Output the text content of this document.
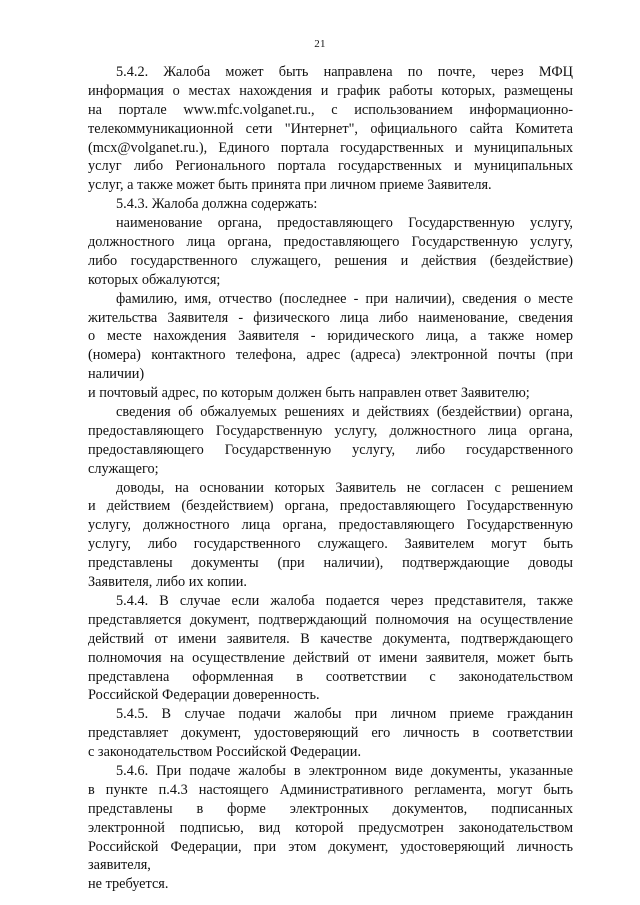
21
5.4.2. Жалоба может быть направлена по почте, через МФЦ
информация о местах нахождения и график работы которых, размещены
на портале www.mfc.volganet.ru., с использованием информационно-
телекоммуникационной сети "Интернет", официального сайта Комитета
(mcx@volganet.ru.), Единого портала государственных и муниципальных
услуг либо Регионального портала государственных и муниципальных
услуг, а также может быть принята при личном приеме Заявителя.
5.4.3. Жалоба должна содержать:
наименование органа, предоставляющего Государственную услугу,
должностного лица органа, предоставляющего Государственную услугу,
либо государственного служащего, решения и действия (бездействие)
которых обжалуются;
фамилию, имя, отчество (последнее - при наличии), сведения о месте
жительства Заявителя - физического лица либо наименование, сведения
о месте нахождения Заявителя - юридического лица, а также номер
(номера) контактного телефона, адрес (адреса) электронной почты (при
наличии)
и почтовый адрес, по которым должен быть направлен ответ Заявителю;
сведения об обжалуемых решениях и действиях (бездействии) органа,
предоставляющего Государственную услугу, должностного лица органа,
предоставляющего Государственную услугу, либо государственного
служащего;
доводы, на основании которых Заявитель не согласен с решением
и действием (бездействием) органа, предоставляющего Государственную
услугу, должностного лица органа, предоставляющего Государственную
услугу, либо государственного служащего. Заявителем могут быть
представлены документы (при наличии), подтверждающие доводы
Заявителя, либо их копии.
5.4.4. В случае если жалоба подается через представителя, также
представляется документ, подтверждающий полномочия на осуществление
действий от имени заявителя. В качестве документа, подтверждающего
полномочия на осуществление действий от имени заявителя, может быть
представлена оформленная в соответствии с законодательством
Российской Федерации доверенность.
5.4.5. В случае подачи жалобы при личном приеме гражданин
представляет документ, удостоверяющий его личность в соответствии
с законодательством Российской Федерации.
5.4.6. При подаче жалобы в электронном виде документы, указанные
в пункте п.4.3 настоящего Административного регламента, могут быть
представлены в форме электронных документов, подписанных
электронной подписью, вид которой предусмотрен законодательством
Российской Федерации, при этом документ, удостоверяющий личность
заявителя,
не требуется.
